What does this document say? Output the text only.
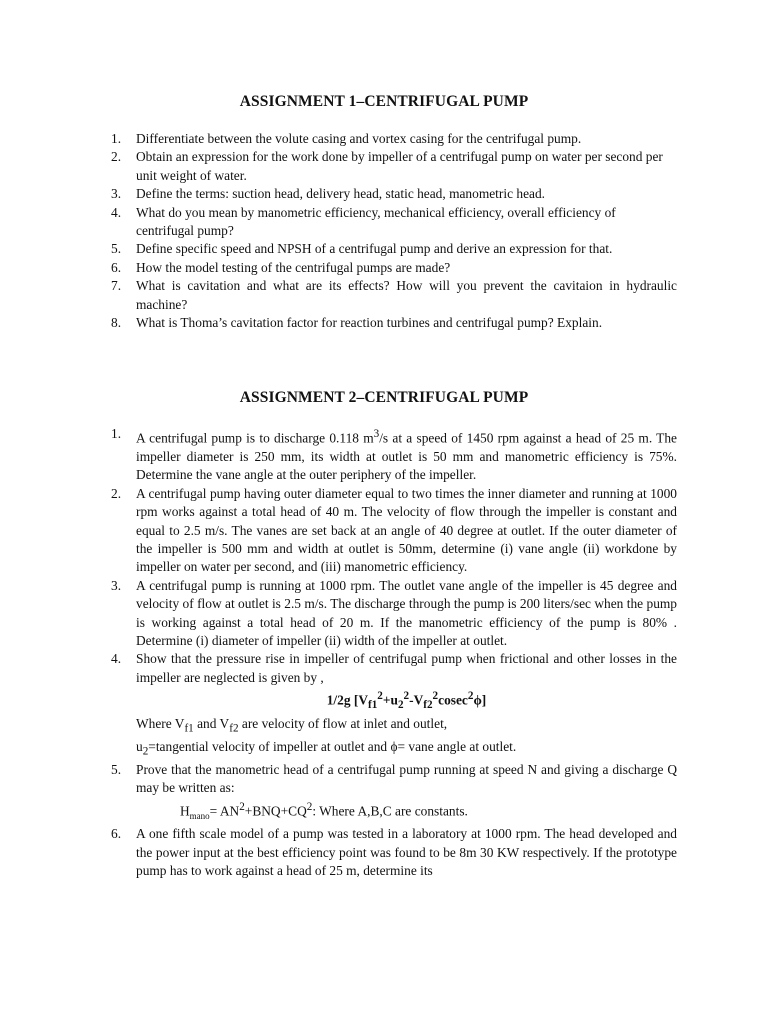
ASSIGNMENT 1–CENTRIFUGAL PUMP
1. Differentiate between the volute casing and vortex casing for the centrifugal pump.
2. Obtain an expression for the work done by impeller of a centrifugal pump on water per second per unit weight of water.
3. Define the terms: suction head, delivery head, static head, manometric head.
4. What do you mean by manometric efficiency, mechanical efficiency, overall efficiency of centrifugal pump?
5. Define specific speed and NPSH of a centrifugal pump and derive an expression for that.
6. How the model testing of the centrifugal pumps are made?
7. What is cavitation and what are its effects? How will you prevent the cavitaion in hydraulic machine?
8. What is Thoma’s cavitation factor for reaction turbines and centrifugal pump? Explain.
ASSIGNMENT 2–CENTRIFUGAL PUMP
1. A centrifugal pump is to discharge 0.118 $m^3/s$ at a speed of 1450 rpm against a head of 25 m. The impeller diameter is 250 mm, its width at outlet is 50 mm and manometric efficiency is 75%. Determine the vane angle at the outer periphery of the impeller.
2. A centrifugal pump having outer diameter equal to two times the inner diameter and running at 1000 rpm works against a total head of 40 m. The velocity of flow through the impeller is constant and equal to 2.5 m/s. The vanes are set back at an angle of 40 degree at outlet. If the outer diameter of the impeller is 500 mm and width at outlet is 50mm, determine (i) vane angle (ii) workdone by impeller on water per second, and (iii) manometric efficiency.
3. A centrifugal pump is running at 1000 rpm. The outlet vane angle of the impeller is 45 degree and velocity of flow at outlet is 2.5 m/s. The discharge through the pump is 200 liters/sec when the pump is working against a total head of 20 m. If the manometric efficiency of the pump is 80% . Determine (i) diameter of impeller (ii) width of the impeller at outlet.
4. Show that the pressure rise in impeller of centrifugal pump when frictional and other losses in the impeller are neglected is given by ,
1/2g $[V_{f1}^2+u_2^2-V_{f2}^2cosec^2\phi]$
Where $V_{f1}$ and $V_{f2}$ are velocity of flow at inlet and outlet,
$u_2=tangential$ velocity of impeller at outlet and ϕ= vane angle at outlet.
5. Prove that the manometric head of a centrifugal pump running at speed N and giving a discharge Q may be written as:
$H_{mano}= AN^2+BNQ+CQ^2$: Where A,B,C are constants.
6. A one fifth scale model of a pump was tested in a laboratory at 1000 rpm. The head developed and the power input at the best efficiency point was found to be 8m 30 KW respectively. If the prototype pump has to work against a head of 25 m, determine its
